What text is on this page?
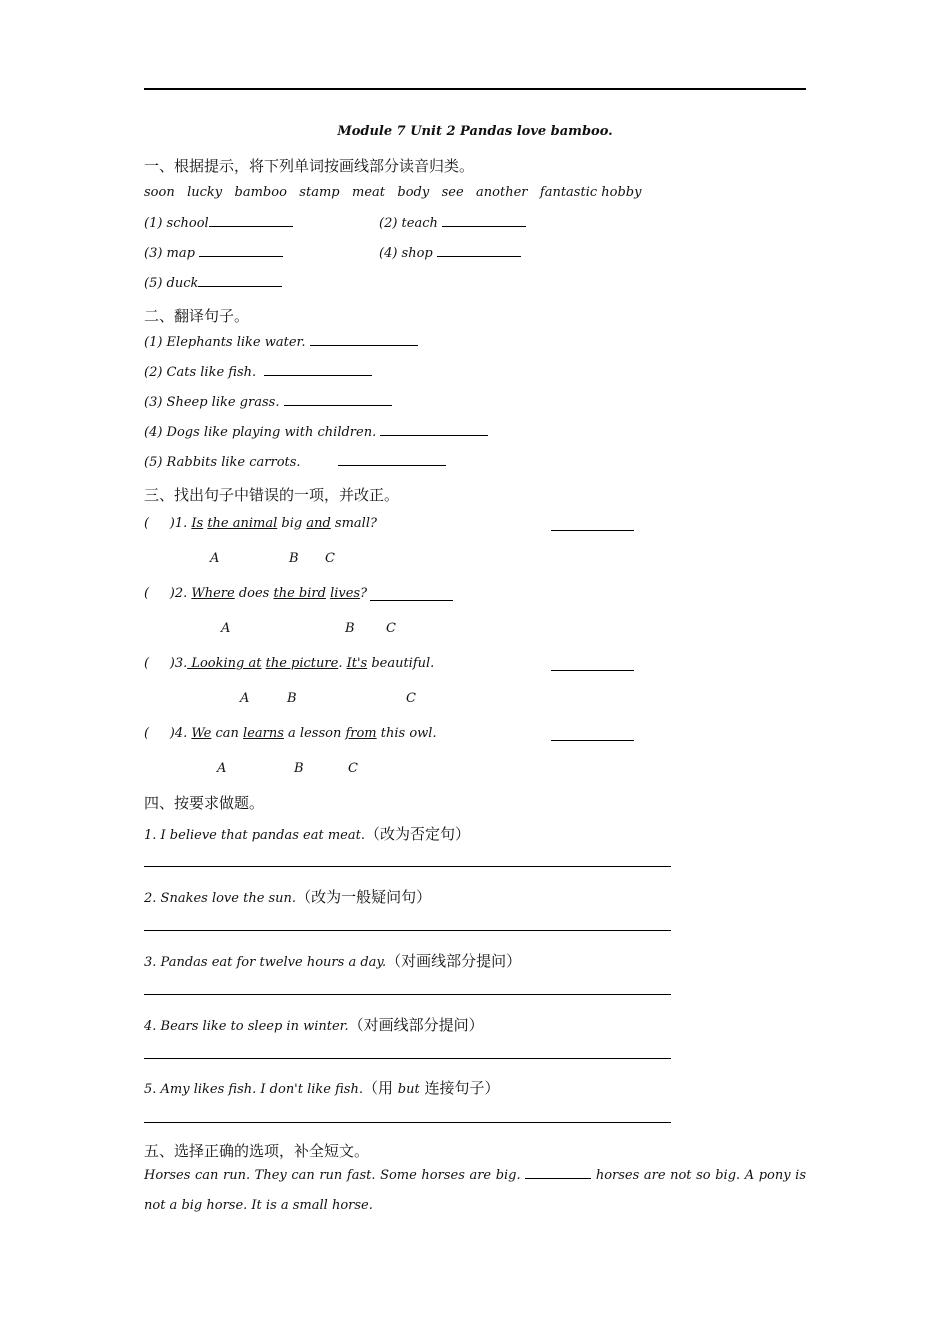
Module 7 Unit 2 Pandas love bamboo.
一、根据提示，将下列单词按画线部分读音归类。
soon   lucky   bamboo   stamp   meat   body   see   another   fantastic hobby
(1) school	(2) teach
(3) map	(4) shop
(5) duck
二、翻译句子。
(1) Elephants like water.
(2) Cats like fish.
(3) Sheep like grass.
(4) Dogs like playing with children.
(5) Rabbits like carrots.
三、找出句子中错误的一项，并改正。
(     )1. Is the animal big and small?
A	B C
(     )2. Where does the bird lives?
A	B C
(     )3. Looking at the picture. It's beautiful.
A	B	C
(     )4. We can learns a lesson from this owl.
A	B	C
四、按要求做题。
1. I believe that pandas eat meat.（改为否定句）
2. Snakes love the sun.（改为一般疑问句）
3. Pandas eat for twelve hours a day.（对画线部分提问）
4. Bears like to sleep in winter.（对画线部分提问）
5. Amy likes fish. I don't like fish.（用 but 连接句子）
五、选择正确的选项，补全短文。
Horses can run. They can run fast. Some horses are big.	horses are not so big. A pony is not a big horse. It is a small horse.
